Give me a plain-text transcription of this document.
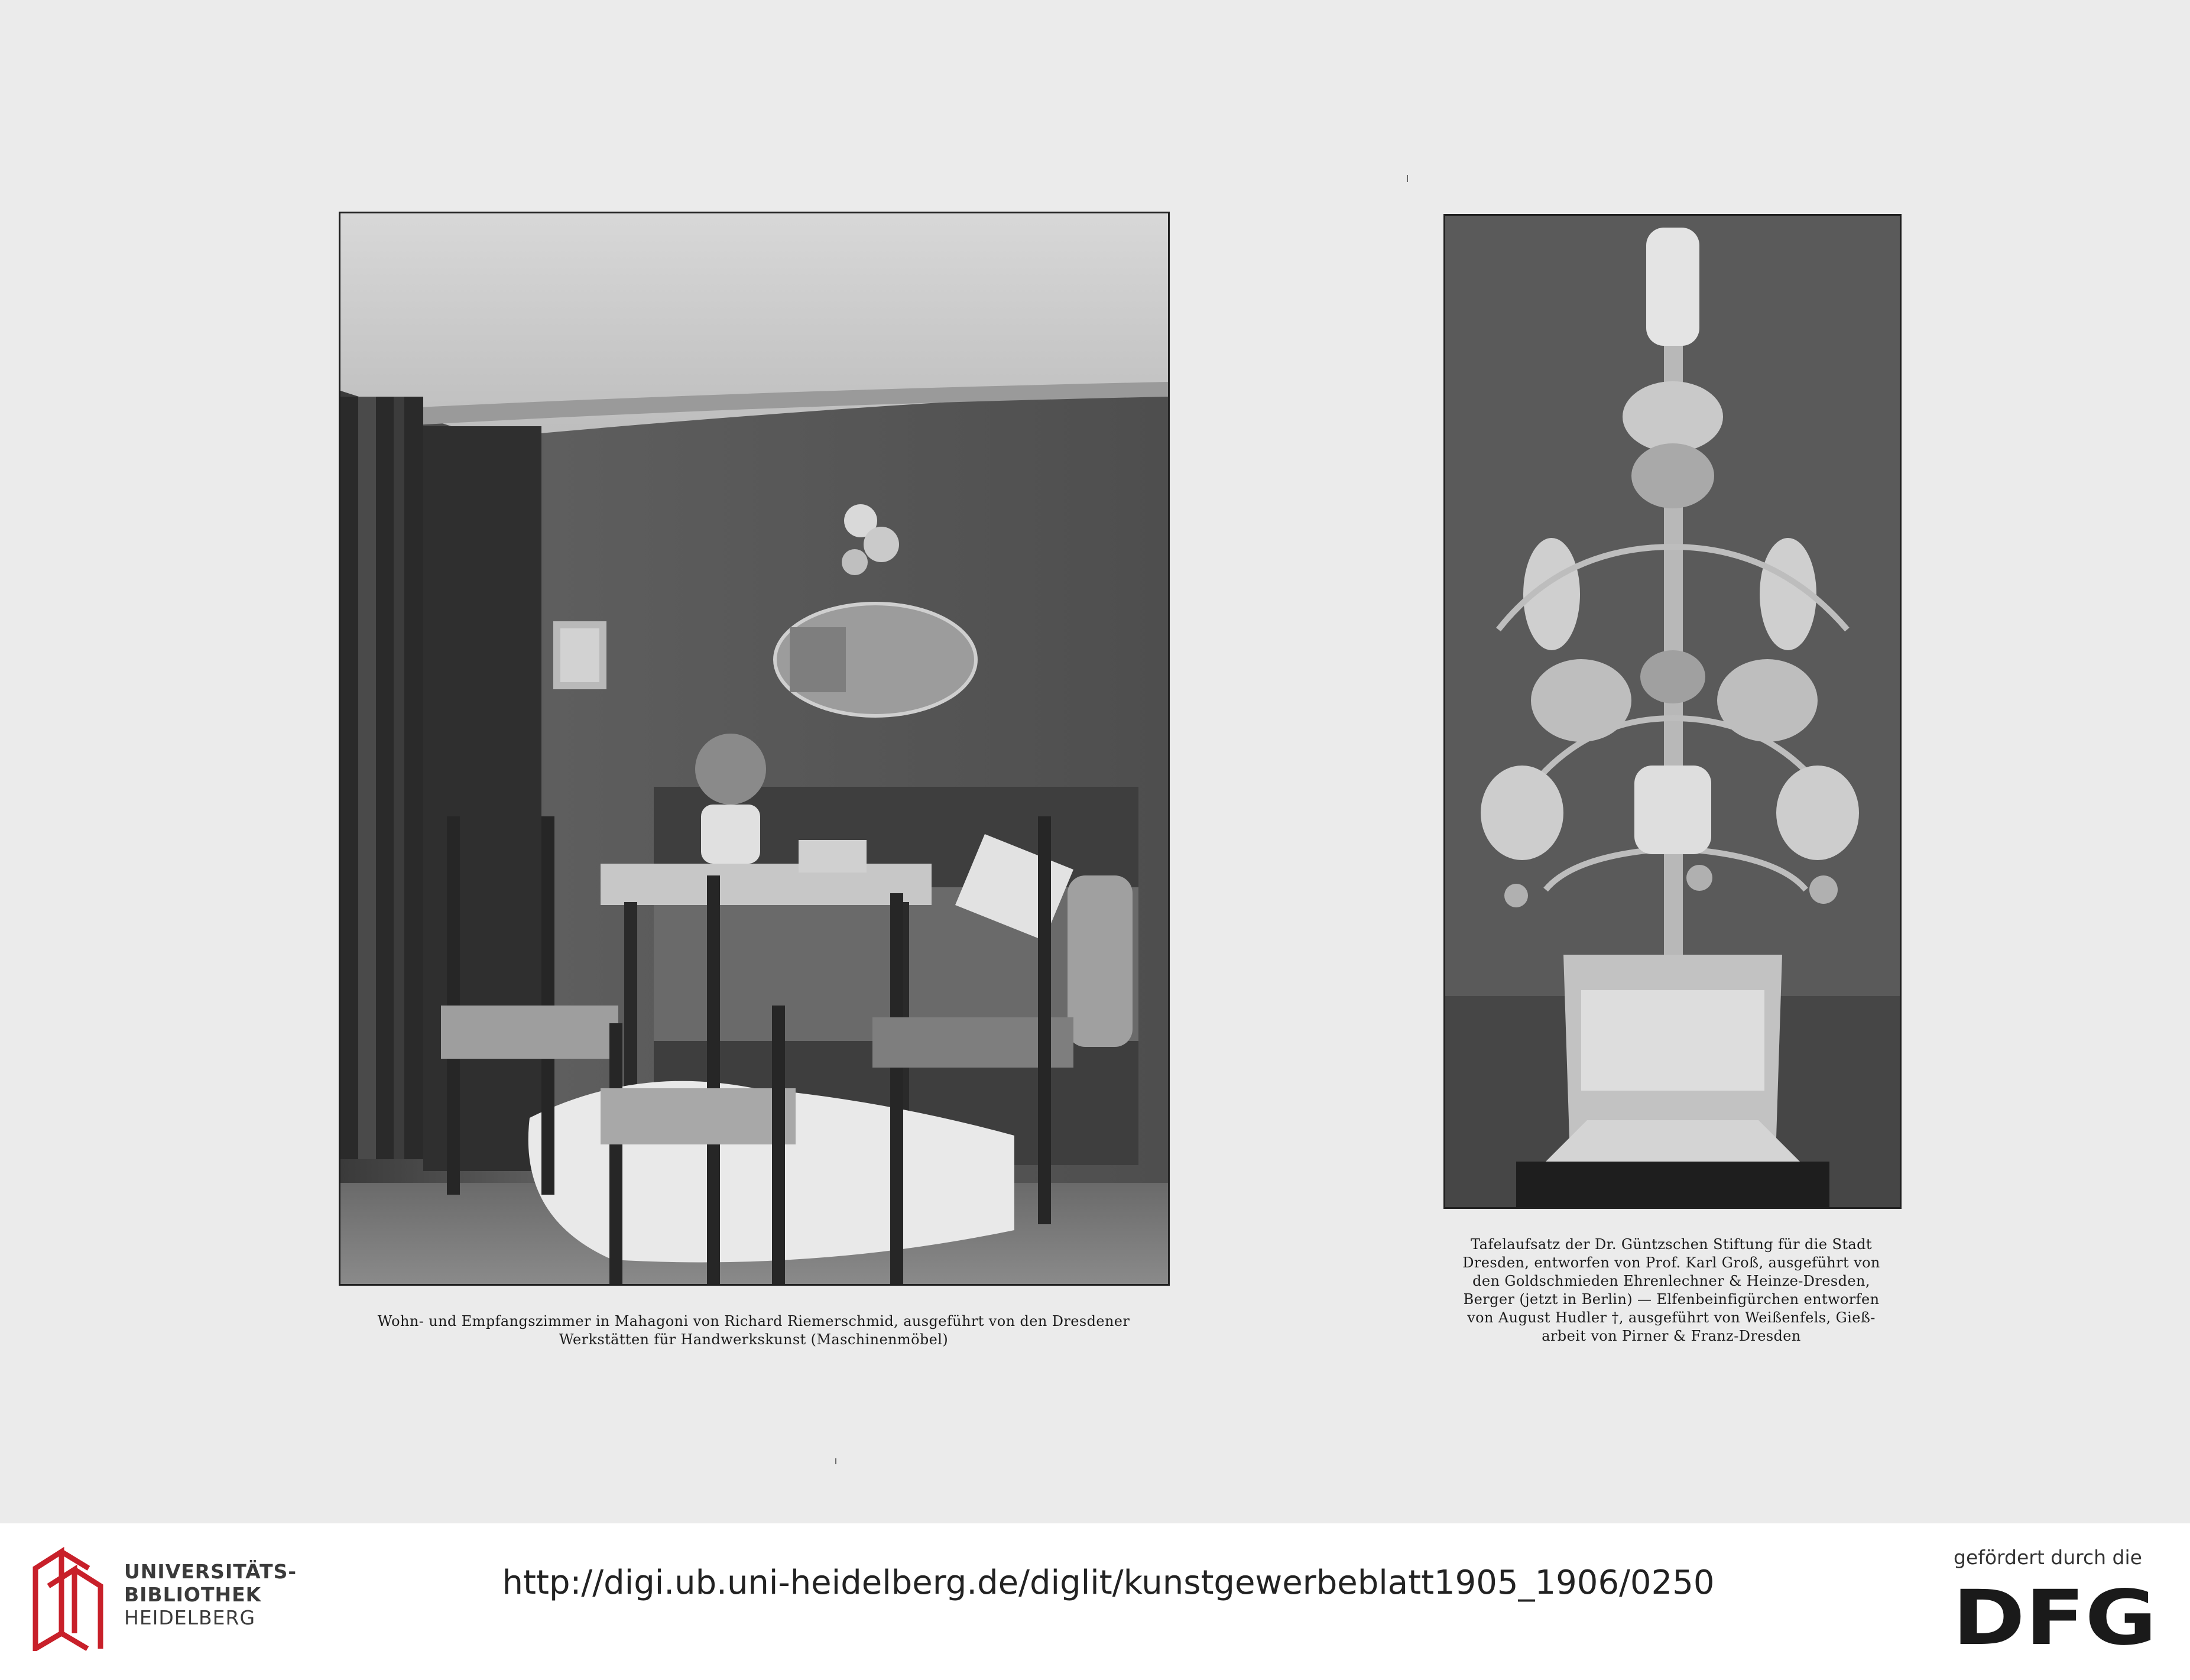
Wohn- und Empfangszimmer in Mahagoni von Richard Riemerschmid, ausgeführt von den Dresdener
Werkstätten für Handwerkskunst (Maschinenmöbel)
Tafelaufsatz der Dr. Güntzschen Stiftung für die Stadt
Dresden, entworfen von Prof. Karl Groß, ausgeführt von
den Goldschmieden Ehrenlechner & Heinze-Dresden,
Berger (jetzt in Berlin) — Elfenbeinfigürchen entworfen
von August Hudler †, ausgeführt von Weißenfels, Gieß-
arbeit von Pirner & Franz-Dresden
UNIVERSITÄTS-
BIBLIOTHEK
HEIDELBERG
http://digi.ub.uni-heidelberg.de/diglit/kunstgewerbeblatt1905_1906/0250
gefördert durch die
DFG
